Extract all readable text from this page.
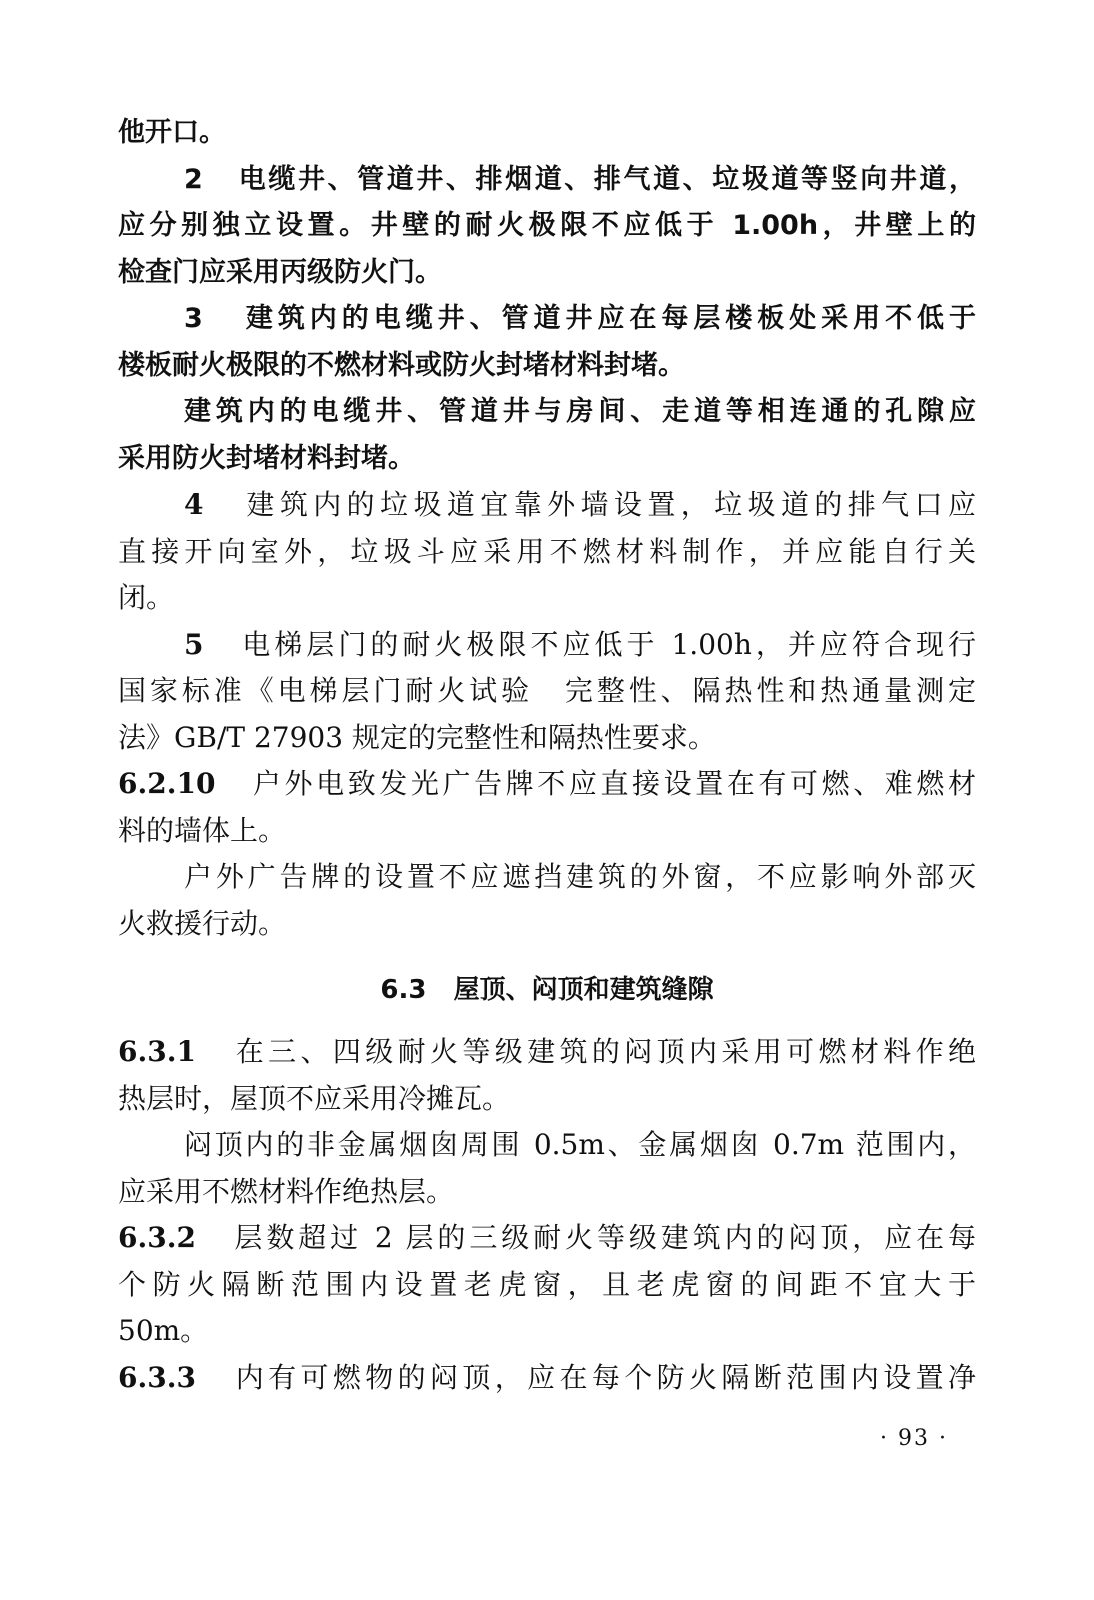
他开口。
2 电缆井、管道井、排烟道、排气道、垃圾道等竖向井道，
应分别独立设置。井壁的耐火极限不应低于 1.00h，井壁上的
检查门应采用丙级防火门。
3 建筑内的电缆井、管道井应在每层楼板处采用不低于
楼板耐火极限的不燃材料或防火封堵材料封堵。
建筑内的电缆井、管道井与房间、走道等相连通的孔隙应
采用防火封堵材料封堵。
4 建筑内的垃圾道宜靠外墙设置，垃圾道的排气口应
直接开向室外，垃圾斗应采用不燃材料制作，并应能自行关
闭。
5 电梯层门的耐火极限不应低于 1.00h，并应符合现行
国家标准《电梯层门耐火试验　完整性、隔热性和热通量测定
法》GB/T 27903 规定的完整性和隔热性要求。
6.2.10 户外电致发光广告牌不应直接设置在有可燃、难燃材
料的墙体上。
户外广告牌的设置不应遮挡建筑的外窗，不应影响外部灭
火救援行动。
6.3 屋顶、闷顶和建筑缝隙
6.3.1 在三、四级耐火等级建筑的闷顶内采用可燃材料作绝
热层时，屋顶不应采用冷摊瓦。
闷顶内的非金属烟囱周围 0.5m、金属烟囱 0.7m 范围内，
应采用不燃材料作绝热层。
6.3.2 层数超过 2 层的三级耐火等级建筑内的闷顶，应在每
个防火隔断范围内设置老虎窗，且老虎窗的间距不宜大于
50m。
6.3.3 内有可燃物的闷顶，应在每个防火隔断范围内设置净
· 93 ·
